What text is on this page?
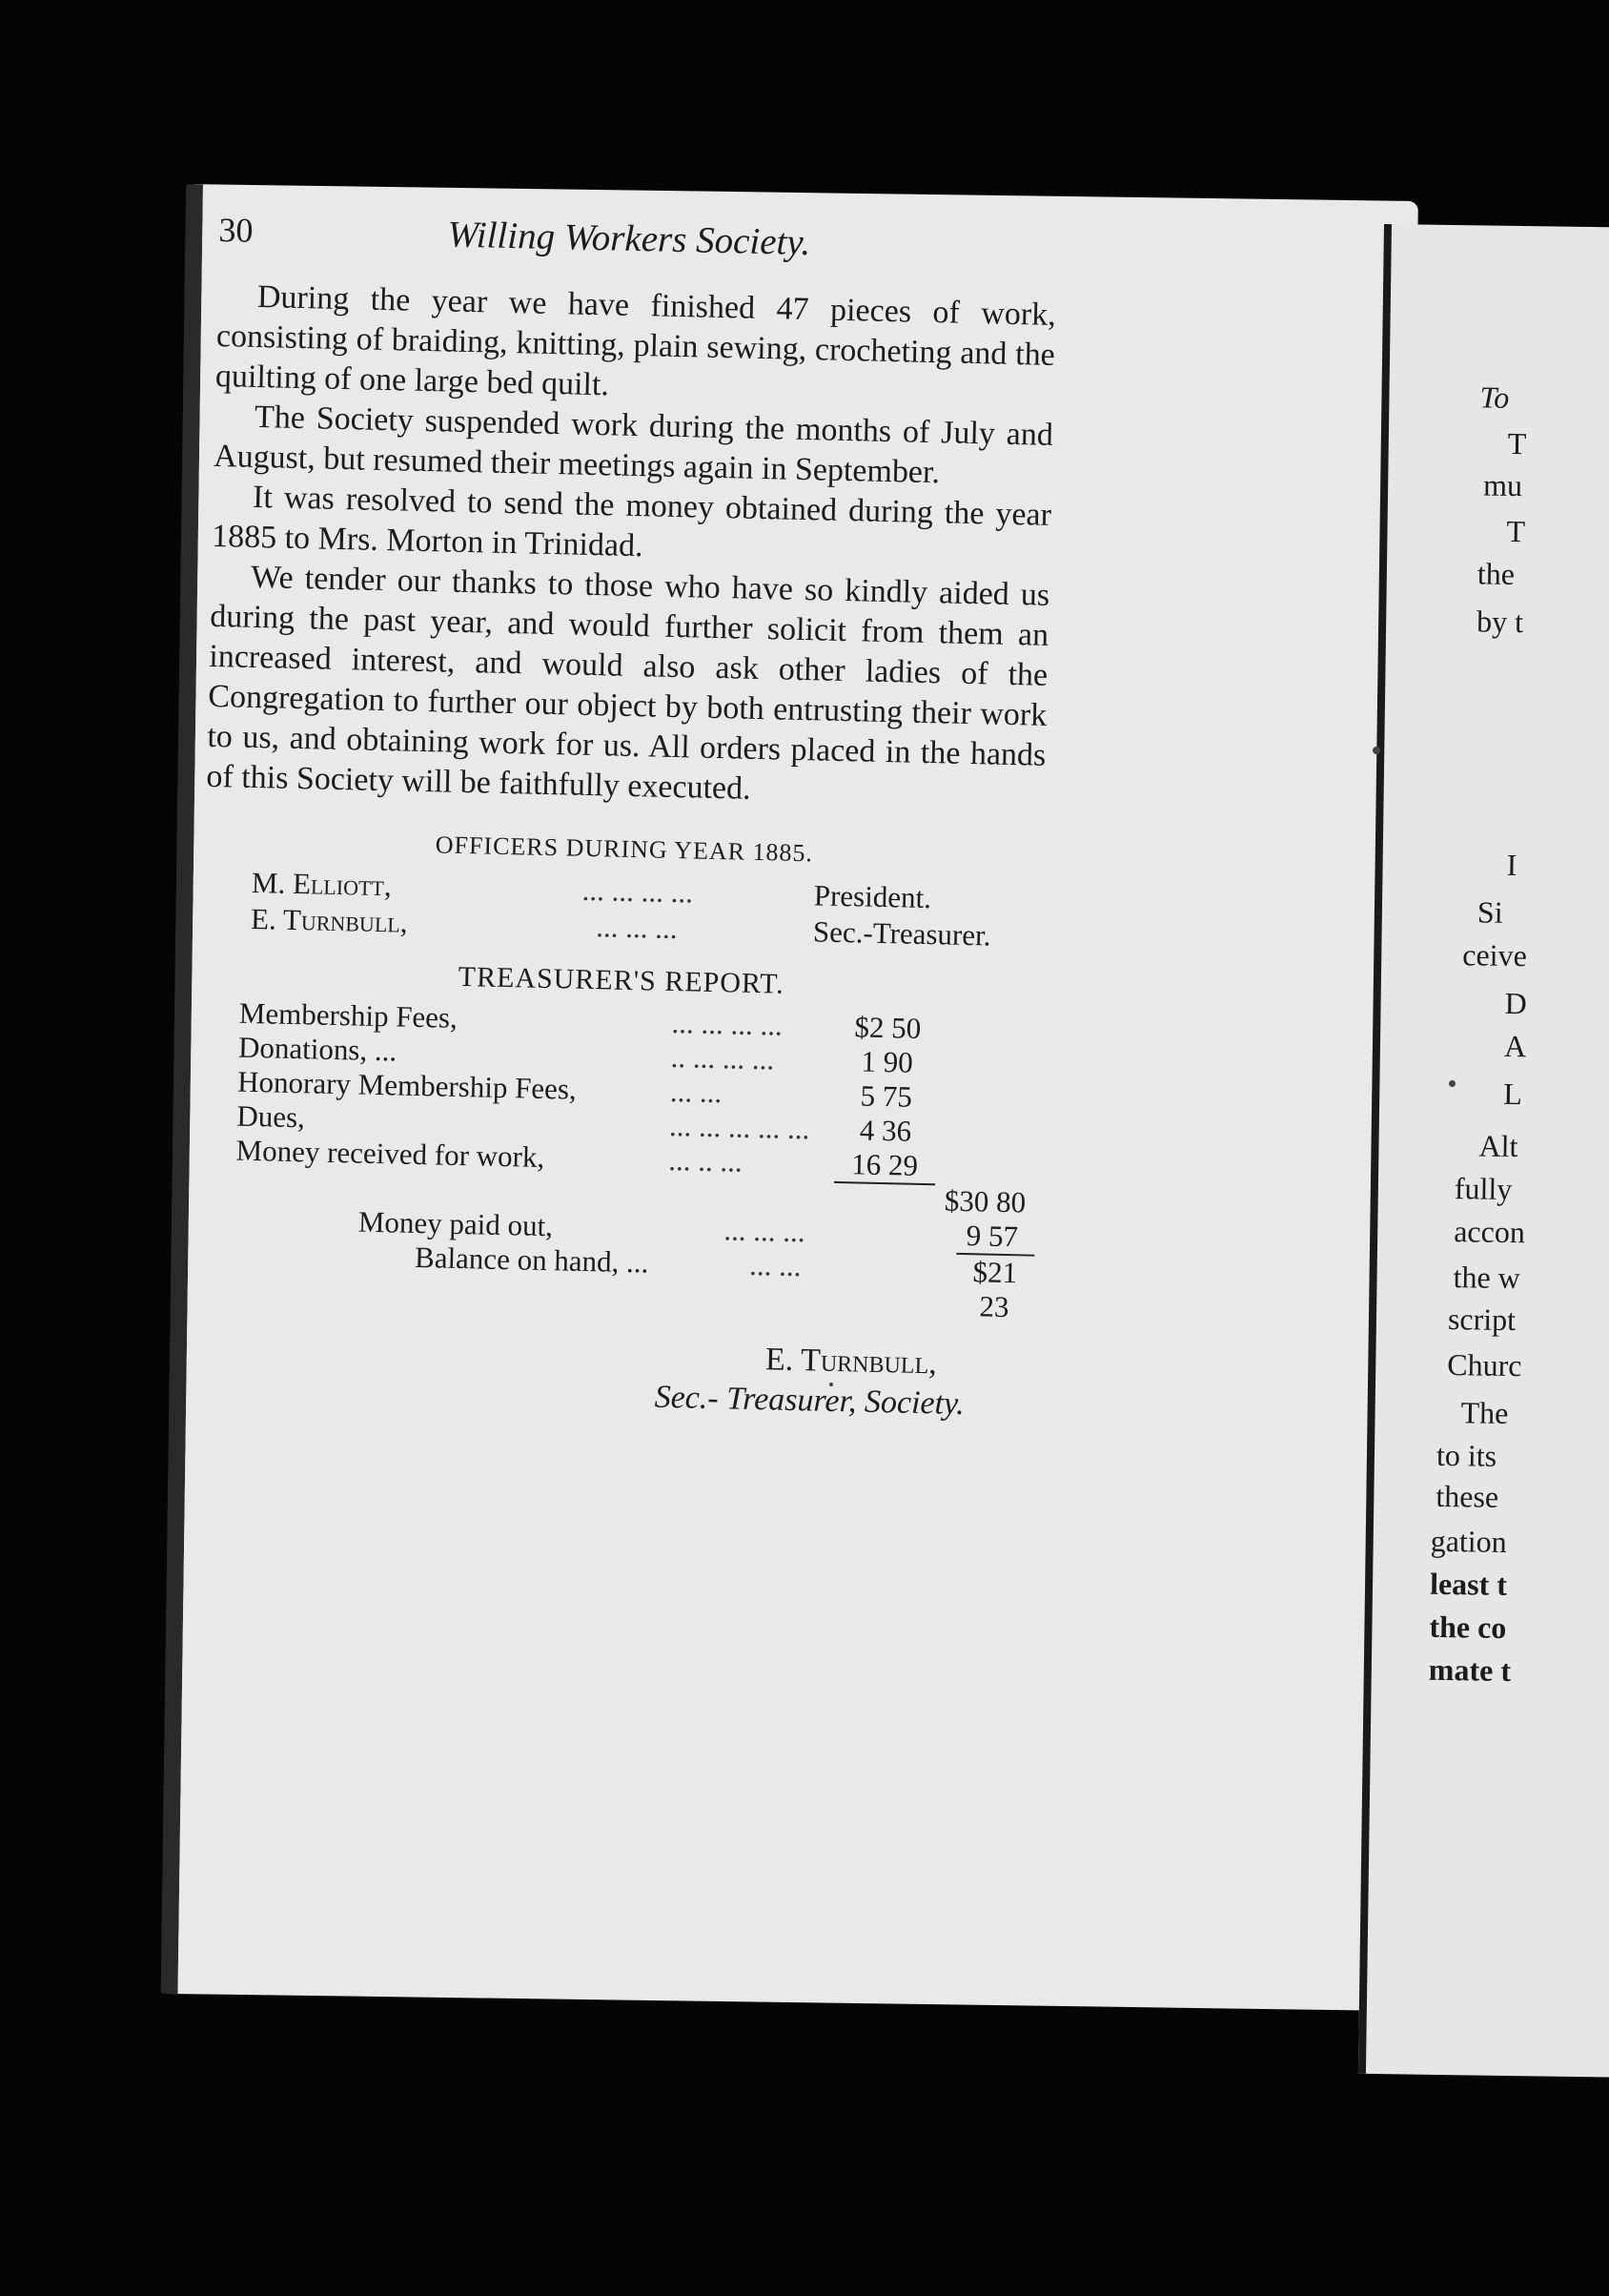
To
T
mu
T
the
by t
I
Si
ceive
D
A
L
Alt
fully
accon
the w
script
Churc
The
to its
these
gation
least t
the co
mate t
30	Willing Workers Society.

During the year we have finished 47 pieces of work, consisting of braiding, knitting, plain sewing, crocheting and the quilting of one large bed quilt.

The Society suspended work during the months of July and August, but resumed their meetings again in September.

It was resolved to send the money obtained during the year 1885 to Mrs. Morton in Trinidad.

We tender our thanks to those who have so kindly aided us during the past year, and would further solicit from them an increased interest, and would also ask other ladies of the Congregation to further our object by both entrusting their work to us, and obtaining work for us. All orders placed in the hands of this Society will be faithfully executed.

OFFICERS DURING YEAR 1885.
M. Elliott,	... ... ... ...	President.
E. Turnbull,	... ... ...	Sec.-Treasurer.
TREASURER'S REPORT.
Membership Fees,	... ... ... ...	$2 50
Donations, ...	.. ... ... ...	1 90
Honorary Membership Fees,	... ...	5 75
Dues,	... ... ... ... ...	4 36
Money received for work,	... .. ...	16 29
$30 80
Money paid out,	... ... ...	9 57
Balance on hand, ...	... ...	$21 23
E. Turnbull,
Sec.- Treasurer, Society.
